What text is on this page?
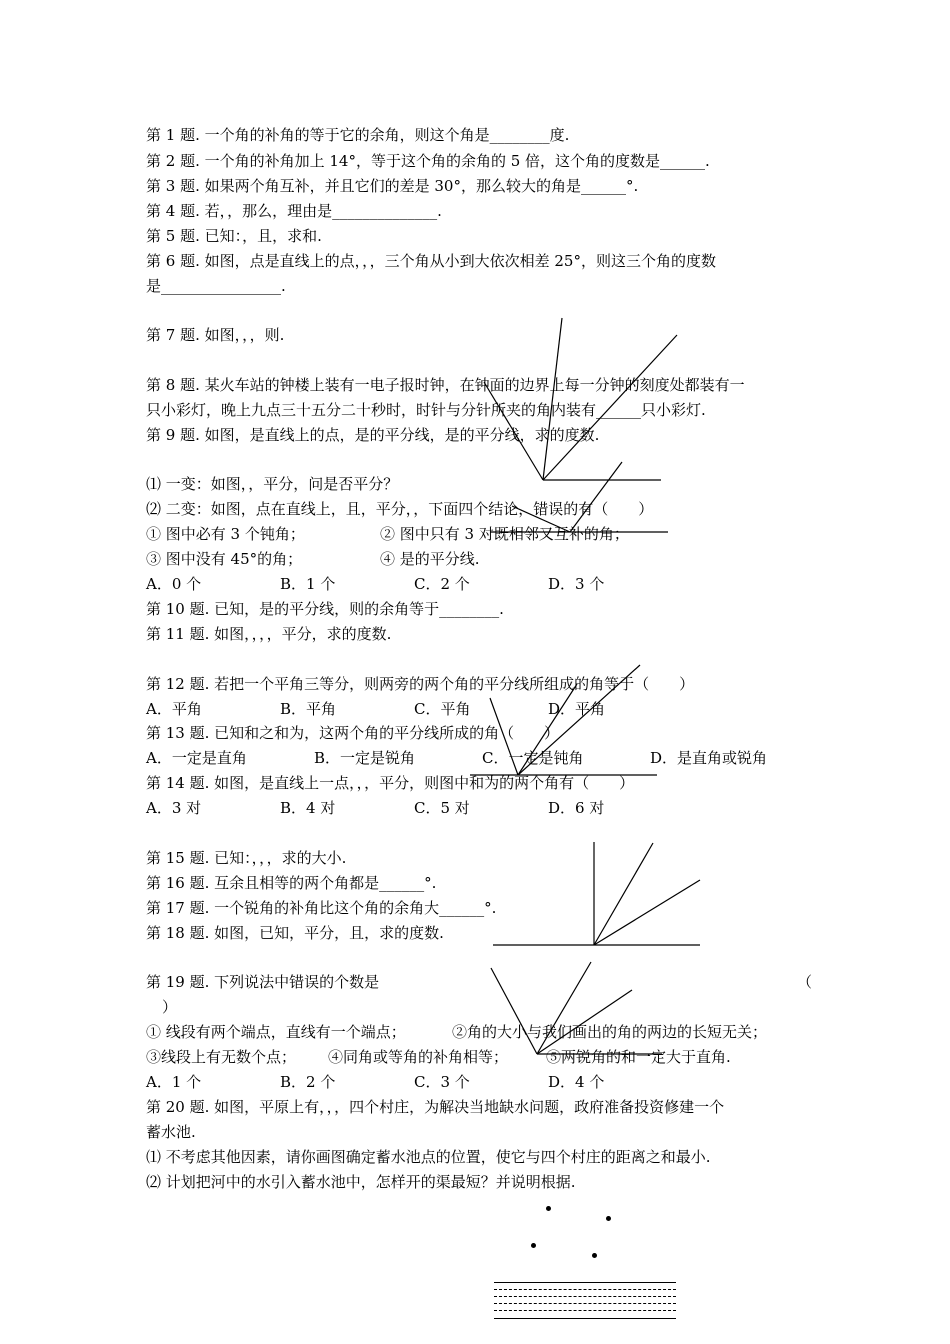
第 1 题. 一个角的补角的等于它的余角，则这个角是________度.
第 2 题. 一个角的补角加上 14°，等于这个角的余角的 5 倍，这个角的度数是______.
第 3 题. 如果两个角互补，并且它们的差是 30°，那么较大的角是______°.
第 4 题. 若，，那么，理由是______________.
第 5 题. 已知：，且，求和.
第 6 题. 如图，点是直线上的点，，，三个角从小到大依次相差 25°，则这三个角的度数
是________________.
第 7 题. 如图，，，则.
第 8 题. 某火车站的钟楼上装有一电子报时钟，在钟面的边界上每一分钟的刻度处都装有一
只小彩灯，晚上九点三十五分二十秒时，时针与分针所夹的角内装有______只小彩灯.
第 9 题. 如图，是直线上的点，是的平分线，是的平分线，求的度数.
⑴ 一变：如图，，平分，问是否平分？
⑵ 二变：如图，点在直线上，且，平分，，下面四个结论，错误的有（　　）
① 图中必有 3 个钝角；	② 图中只有 3 对既相邻又互补的角；
③ 图中没有 45°的角；	④ 是的平分线.
A．0 个	B．1 个	C．2 个	D．3 个
第 10 题. 已知，是的平分线，则的余角等于________.
第 11 题. 如图，，，，平分，求的度数.
第 12 题. 若把一个平角三等分，则两旁的两个角的平分线所组成的角等于（　　）
A．平角	B．平角	C．平角	D．平角
第 13 题. 已知和之和为，这两个角的平分线所成的角（　　）
A．一定是直角	B．一定是锐角	C．一定是钝角	D．是直角或锐角
第 14 题. 如图，是直线上一点，，，平分，则图中和为的两个角有（　　）
A．3 对	B．4 对	C．5 对	D．6 对
第 15 题. 已知：，，，求的大小.
第 16 题. 互余且相等的两个角都是______°.
第 17 题. 一个锐角的补角比这个角的余角大______°.
第 18 题. 如图，已知，平分，且，求的度数.
第 19 题. 下列说法中错误的个数是	（
）
① 线段有两个端点，直线有一个端点；	②角的大小与我们画出的角的两边的长短无关；
③线段上有无数个点； ④同角或等角的补角相等；	⑤两锐角的和一定大于直角.
A．1 个	B．2 个	C．3 个	D．4 个
第 20 题. 如图，平原上有，，，四个村庄，为解决当地缺水问题，政府准备投资修建一个
蓄水池.
⑴ 不考虑其他因素，请你画图确定蓄水池点的位置，使它与四个村庄的距离之和最小.
⑵ 计划把河中的水引入蓄水池中，怎样开的渠最短？并说明根据.
